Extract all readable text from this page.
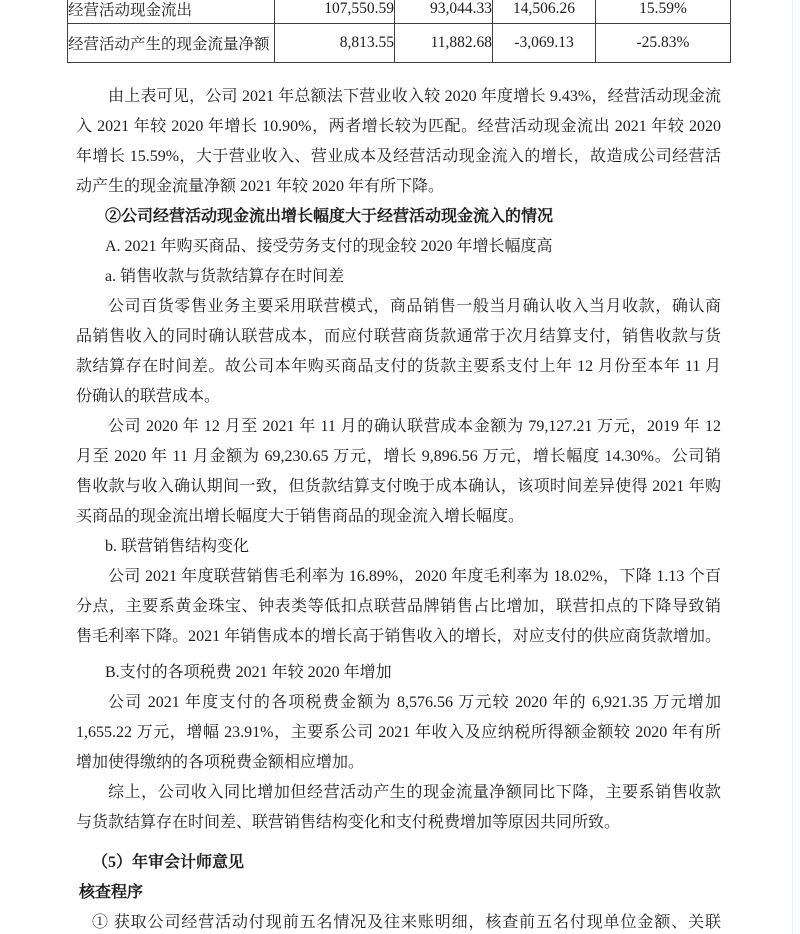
经营活动现金流出	107,550.59	93,044.33	14,506.26	15.59%
经营活动产生的现金流量净额	8,813.55	11,882.68	-3,069.13	-25.83%
由上表可见，公司 2021 年总额法下营业收入较 2020 年度增长 9.43%，经营活动现金流
入 2021 年较 2020 年增长 10.90%，两者增长较为匹配。经营活动现金流出 2021 年较 2020
年增长 15.59%，大于营业收入、营业成本及经营活动现金流入的增长，故造成公司经营活
动产生的现金流量净额 2021 年较 2020 年有所下降。
②公司经营活动现金流出增长幅度大于经营活动现金流入的情况
A. 2021 年购买商品、接受劳务支付的现金较 2020 年增长幅度高
a. 销售收款与货款结算存在时间差
公司百货零售业务主要采用联营模式，商品销售一般当月确认收入当月收款，确认商
品销售收入的同时确认联营成本，而应付联营商货款通常于次月结算支付，销售收款与货
款结算存在时间差。故公司本年购买商品支付的货款主要系支付上年 12 月份至本年 11 月
份确认的联营成本。
公司 2020 年 12 月至 2021 年 11 月的确认联营成本金额为 79,127.21 万元，2019 年 12
月至 2020 年 11 月金额为 69,230.65 万元，增长 9,896.56 万元，增长幅度 14.30%。公司销
售收款与收入确认期间一致，但货款结算支付晚于成本确认，该项时间差异使得 2021 年购
买商品的现金流出增长幅度大于销售商品的现金流入增长幅度。
b. 联营销售结构变化
公司 2021 年度联营销售毛利率为 16.89%，2020 年度毛利率为 18.02%，下降 1.13 个百
分点，主要系黄金珠宝、钟表类等低扣点联营品牌销售占比增加，联营扣点的下降导致销
售毛利率下降。2021 年销售成本的增长高于销售收入的增长，对应支付的供应商货款增加。
B.支付的各项税费 2021 年较 2020 年增加
公司 2021 年度支付的各项税费金额为 8,576.56 万元较 2020 年的 6,921.35 万元增加
1,655.22 万元，增幅 23.91%，主要系公司 2021 年收入及应纳税所得额金额较 2020 年有所
增加使得缴纳的各项税费金额相应增加。
综上，公司收入同比增加但经营活动产生的现金流量净额同比下降，主要系销售收款
与货款结算存在时间差、联营销售结构变化和支付税费增加等原因共同所致。
（5）年审会计师意见
核查程序
① 获取公司经营活动付现前五名情况及往来账明细，核查前五名付现单位金额、关联
